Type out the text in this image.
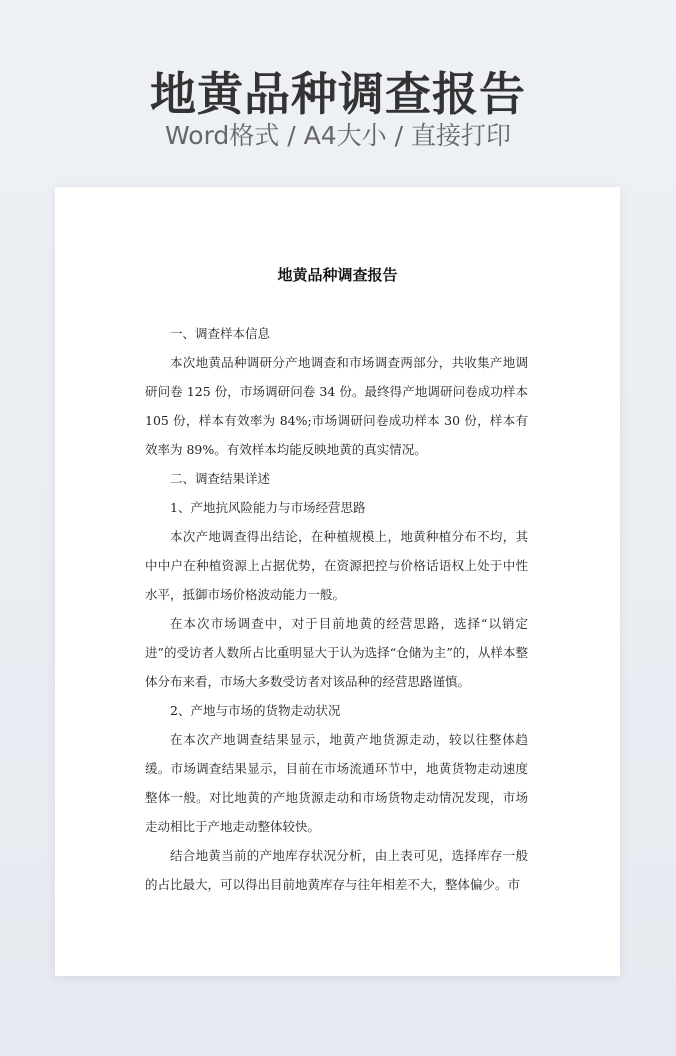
地黄品种调查报告
Word格式 / A4大小 / 直接打印
地黄品种调查报告

一、调查样本信息

本次地黄品种调研分产地调查和市场调查两部分，共收集产地调研问卷 125 份，市场调研问卷 34 份。最终得产地调研问卷成功样本 105 份，样本有效率为 84%;市场调研问卷成功样本 30 份，样本有效率为 89%。有效样本均能反映地黄的真实情况。

二、调查结果详述

1、产地抗风险能力与市场经营思路

本次产地调查得出结论，在种植规模上，地黄种植分布不均，其中中户在种植资源上占据优势，在资源把控与价格话语权上处于中性水平，抵御市场价格波动能力一般。

在本次市场调查中，对于目前地黄的经营思路，选择“以销定进”的受访者人数所占比重明显大于认为选择“仓储为主”的，从样本整体分布来看，市场大多数受访者对该品种的经营思路谨慎。

2、产地与市场的货物走动状况

在本次产地调查结果显示，地黄产地货源走动，较以往整体趋缓。市场调查结果显示，目前在市场流通环节中，地黄货物走动速度整体一般。对比地黄的产地货源走动和市场货物走动情况发现，市场走动相比于产地走动整体较快。

结合地黄当前的产地库存状况分析，由上表可见，选择库存一般的占比最大，可以得出目前地黄库存与往年相差不大，整体偏少。市
